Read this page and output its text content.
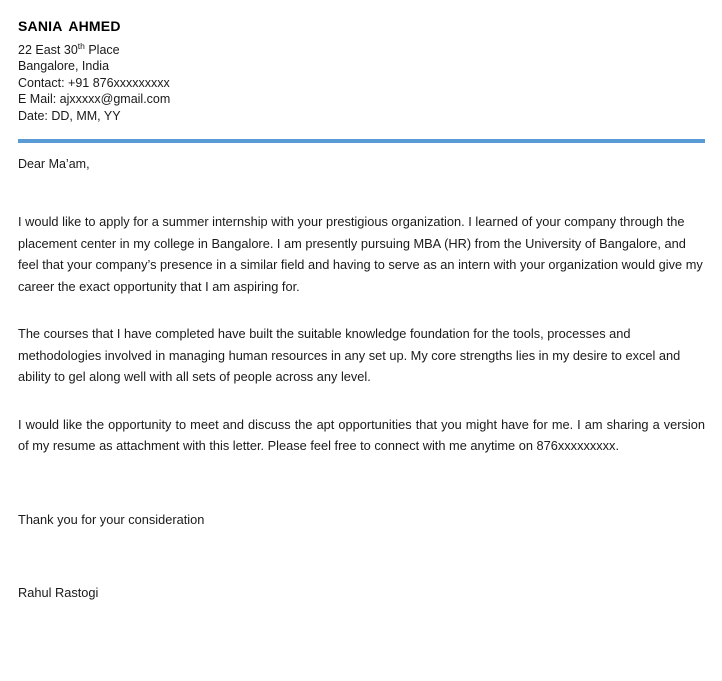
sania ahmed
22 East 30th Place
Bangalore, India
Contact: +91 876xxxxxxxxx
E Mail: ajxxxxx@gmail.com
Date: DD, MM, YY

Dear Ma’am,

I would like to apply for a summer internship with your prestigious organization. I learned of your company through the placement center in my college in Bangalore. I am presently pursuing MBA (HR) from the University of Bangalore, and feel that your company’s presence in a similar field and having to serve as an intern with your organization would give my career the exact opportunity that I am aspiring for.

The courses that I have completed have built the suitable knowledge foundation for the tools, processes and methodologies involved in managing human resources in any set up. My core strengths lies in my desire to excel and ability to gel along well with all sets of people across any level.

I would like the opportunity to meet and discuss the apt opportunities that you might have for me. I am sharing a version of my resume as attachment with this letter. Please feel free to connect with me anytime on 876xxxxxxxxx.

Thank you for your consideration

Rahul Rastogi
